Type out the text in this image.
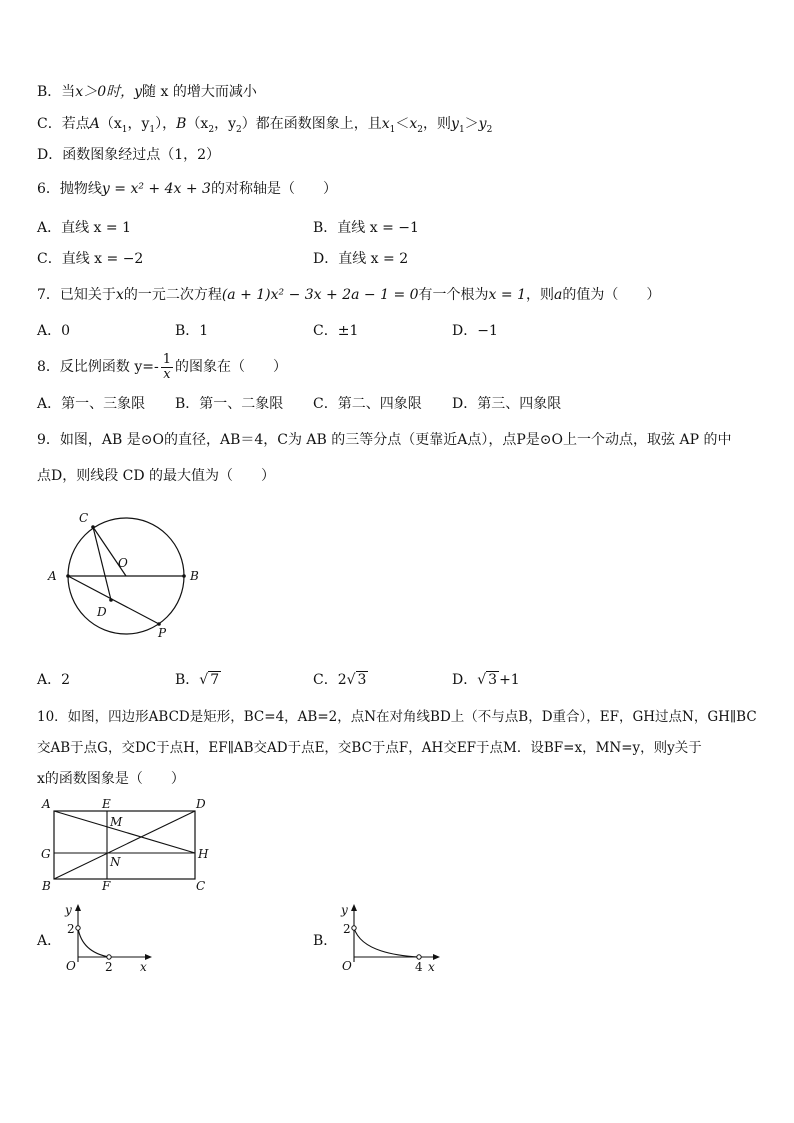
B．当x＞0时，y随 x 的增大而减小
C．若点$A(x_1$，$y_1$），$B(x_2$，$y_2$）都在函数图象上，且$x_1<x_2$，则$y_1>y_2$
D．函数图象经过点（1，2）
6．抛物线y = x² + 4x + 3的对称轴是（　　）
A．直线 x = 1	B．直线 x = −1
C．直线 x = −2	D．直线 x = 2
7．已知关于x的一元二次方程(a + 1)x² − 3x + 2a − 1 = 0有一个根为x = 1，则a的值为（　　）
A．0	B．1	C．±1	D．−1
8．反比例函数 $y=- \frac{1}{x}$ 的图象在（　　）
A．第一、三象限 B．第一、二象限 C．第二、四象限 D．第三、四象限
9．如图，AB 是⊙O的直径，AB＝4，C为 AB 的三等分点（更靠近A点），点P是⊙O上一个动点，取弦 AP 的中
点D，则线段 CD 的最大值为（　　）
C
O
A	B
D
P
A．2	B．√ 7	C．2√ 3	D．√ 3 +1
10．如图，四边形ABCD是矩形，BC=4，AB=2，点N在对角线BD上（不与点B，D重合），EF，GH过点N，GH∥BC
交AB于点G，交DC于点H，EF∥AB交AD于点E，交BC于点F，AH交EF于点M．设BF=x，MN=y，则y关于
x的函数图象是（　　）
A	E	D
M
G
N
H
B	F	C
A．
y
2
O 2 x
B．
y
2
O	4 x
